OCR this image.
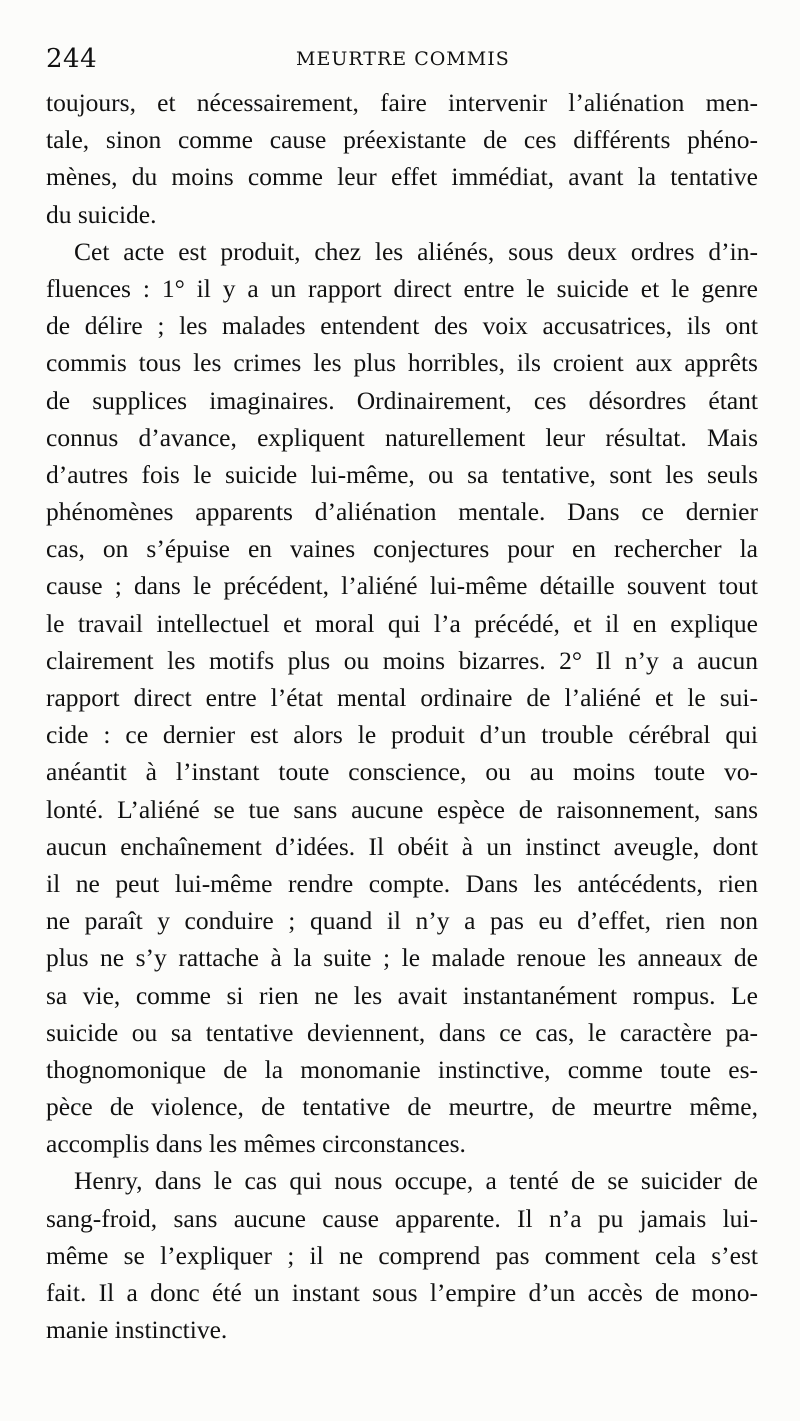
244	MEURTRE COMMIS
toujours, et nécessairement, faire intervenir l’aliénation men-
tale, sinon comme cause préexistante de ces différents phéno-
mènes, du moins comme leur effet immédiat, avant la tentative
du suicide.
Cet acte est produit, chez les aliénés, sous deux ordres d’in-
fluences : 1° il y a un rapport direct entre le suicide et le genre
de délire ; les malades entendent des voix accusatrices, ils ont
commis tous les crimes les plus horribles, ils croient aux apprêts
de supplices imaginaires. Ordinairement, ces désordres étant
connus d’avance, expliquent naturellement leur résultat. Mais
d’autres fois le suicide lui-même, ou sa tentative, sont les seuls
phénomènes apparents d’aliénation mentale. Dans ce dernier
cas, on s’épuise en vaines conjectures pour en rechercher la
cause ; dans le précédent, l’aliéné lui-même détaille souvent tout
le travail intellectuel et moral qui l’a précédé, et il en explique
clairement les motifs plus ou moins bizarres. 2° Il n’y a aucun
rapport direct entre l’état mental ordinaire de l’aliéné et le sui-
cide : ce dernier est alors le produit d’un trouble cérébral qui
anéantit à l’instant toute conscience, ou au moins toute vo-
lonté. L’aliéné se tue sans aucune espèce de raisonnement, sans
aucun enchaînement d’idées. Il obéit à un instinct aveugle, dont
il ne peut lui-même rendre compte. Dans les antécédents, rien
ne paraît y conduire ; quand il n’y a pas eu d’effet, rien non
plus ne s’y rattache à la suite ; le malade renoue les anneaux de
sa vie, comme si rien ne les avait instantanément rompus. Le
suicide ou sa tentative deviennent, dans ce cas, le caractère pa-
thognomonique de la monomanie instinctive, comme toute es-
pèce de violence, de tentative de meurtre, de meurtre même,
accomplis dans les mêmes circonstances.
Henry, dans le cas qui nous occupe, a tenté de se suicider de
sang-froid, sans aucune cause apparente. Il n’a pu jamais lui-
même se l’expliquer ; il ne comprend pas comment cela s’est
fait. Il a donc été un instant sous l’empire d’un accès de mono-
manie instinctive.
